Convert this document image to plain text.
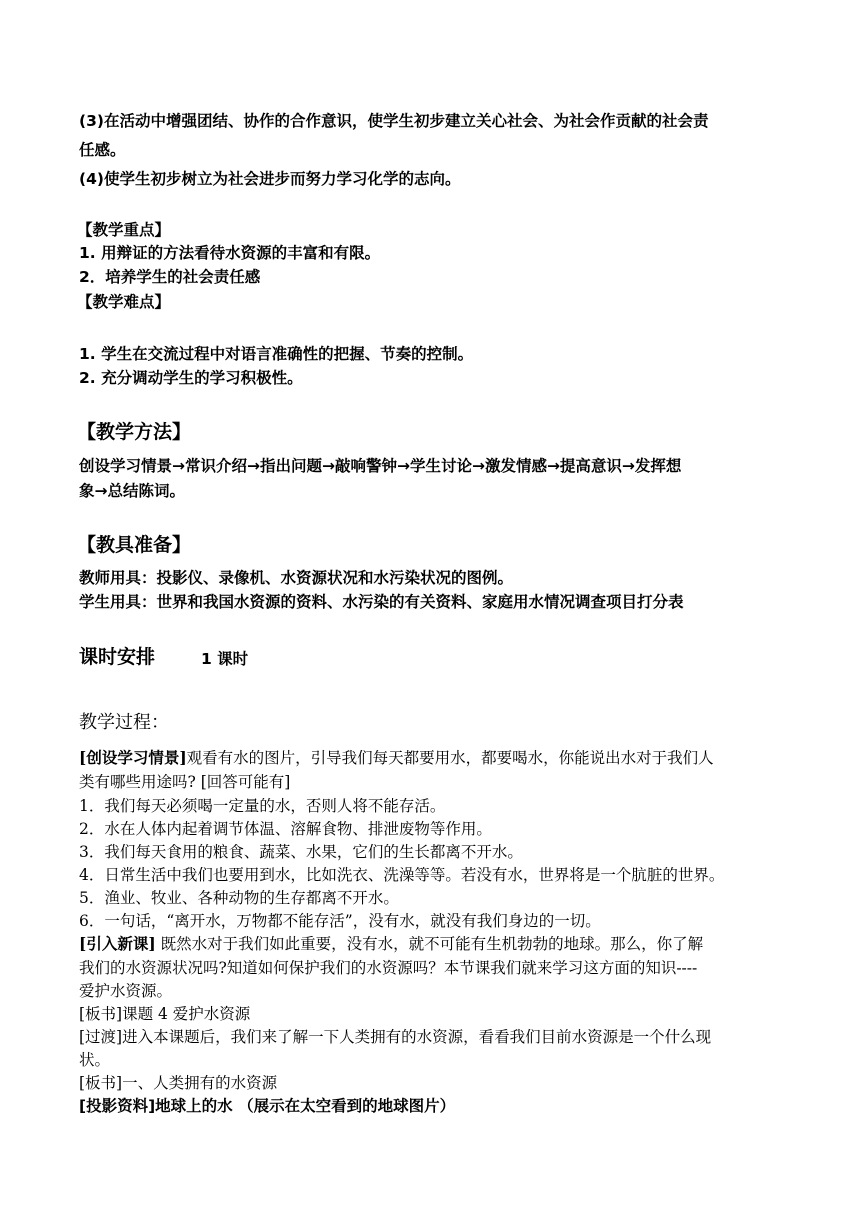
(3)在活动中增强团结、协作的合作意识，使学生初步建立关心社会、为社会作贡献的社会责
任感。
(4)使学生初步树立为社会进步而努力学习化学的志向。
【教学重点】
1. 用辩证的方法看待水资源的丰富和有限。
2．培养学生的社会责任感
【教学难点】
1. 学生在交流过程中对语言准确性的把握、节奏的控制。
2. 充分调动学生的学习积极性。
【教学方法】
创设学习情景→常识介绍→指出问题→敲响警钟→学生讨论→激发情感→提高意识→发挥想
象→总结陈词。
【教具准备】
教师用具：投影仪、录像机、水资源状况和水污染状况的图例。
学生用具：世界和我国水资源的资料、水污染的有关资料、家庭用水情况调查项目打分表
课时安排	1 课时
教学过程：
[创设学习情景]观看有水的图片，引导我们每天都要用水，都要喝水，你能说出水对于我们人
类有哪些用途吗? [回答可能有]
1．我们每天必须喝一定量的水，否则人将不能存活。
2．水在人体内起着调节体温、溶解食物、排泄废物等作用。
3．我们每天食用的粮食、蔬菜、水果，它们的生长都离不开水。
4．日常生活中我们也要用到水，比如洗衣、洗澡等等。若没有水，世界将是一个肮脏的世界。
5．渔业、牧业、各种动物的生存都离不开水。
6．一句话，“离开水，万物都不能存活”，没有水，就没有我们身边的一切。
[引入新课] 既然水对于我们如此重要，没有水，就不可能有生机勃勃的地球。那么，你了解
我们的水资源状况吗?知道如何保护我们的水资源吗？本节课我们就来学习这方面的知识----
爱护水资源。
[板书]课题 4 爱护水资源
[过渡]进入本课题后，我们来了解一下人类拥有的水资源，看看我们目前水资源是一个什么现
状。
[板书]一、人类拥有的水资源
[投影资料]地球上的水 （展示在太空看到的地球图片）
